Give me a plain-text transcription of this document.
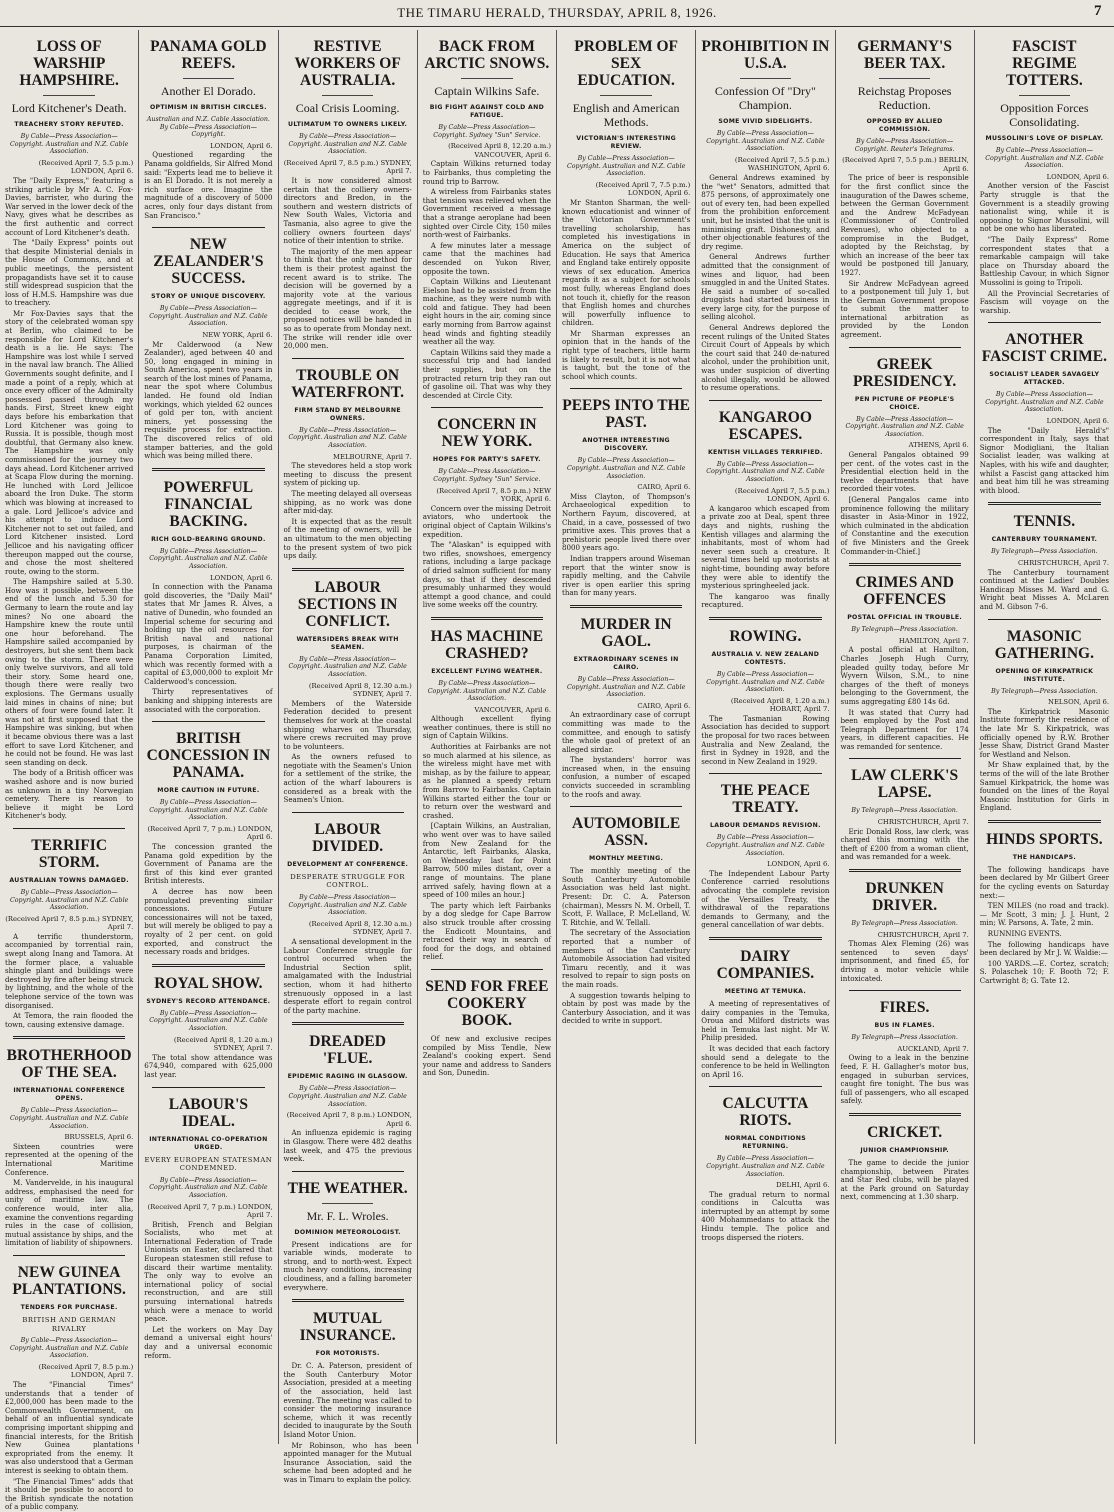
THE TIMARU HERALD, THURSDAY, APRIL 8, 1926.	7
LOSS OF WARSHIP HAMPSHIRE.
Lord Kitchener's Death.
TREACHERY STORY REFUTED.
By Cable—Press Association—Copyright. Australian and N.Z. Cable Association.
(Received April 7, 5.5 p.m.) LONDON, April 6.

The "Daily Express," featuring a striking article by Mr A. C. Fox-Davies, barrister, who during the War served in the lower deck of the Navy, gives what he describes as the first authentic and correct account of Lord Kitchener's death.

The "Daily Express" points out that despite Ministerial denials in the House of Commons, and at public meetings, the persistent propagandists have set it to cause still widespread suspicion that the loss of H.M.S. Hampshire was due to treachery.

Mr Fox-Davies says that the story of the celebrated woman spy at Berlin, who claimed to be responsible for Lord Kitchener's death is a lie. He says: The Hampshire was lost while I served in the naval law branch. The Allied Governments sought definite, and I made a point of a reply, which at once every officer of the Admiralty possessed passed through my hands. First, Street knew eight days before his embarkation that Lord Kitchener was going to Russia. It is possible, though most doubtful, that Germany also knew. The Hampshire was only commissioned for the journey two days ahead. Lord Kitchener arrived at Scapa Flow during the morning. He lunched with Lord Jellicoe aboard the Iron Duke. The storm which was blowing at increased to a gale. Lord Jellicoe's advice and his attempt to induce Lord Kitchener not to set out failed, and Lord Kitchener insisted. Lord Jellicoe and his navigating officer thereupon mapped out the course, and chose the most sheltered route, owing to the storm.

The Hampshire sailed at 5.30. How was it possible, between the end of the lunch and 5.30 for Germany to learn the route and lay mines? No one aboard the Hampshire knew the route until one hour beforehand. The Hampshire sailed accompanied by destroyers, but she sent them back owing to the storm. There were only twelve survivors, and all told their story. Some heard one, though there were really two explosions. The Germans usually laid mines in chains of nine; but others of four were found later. It was not at first supposed that the Hampshire was sinking, but when it became obvious there was a last effort to save Lord Kitchener, and he could not be found. He was last seen standing on deck.

The body of a British officer was washed ashore and is now buried as unknown in a tiny Norwegian cemetery. There is reason to believe it might be Lord Kitchener's body.

TERRIFIC STORM.
AUSTRALIAN TOWNS DAMAGED.
By Cable—Press Association—Copyright. Australian and N.Z. Cable Association.
(Received April 7, 8.5 p.m.) SYDNEY, April 7.

A terrific thunderstorm, accompanied by torrential rain, swept along Inang and Tamora. At the former place, a valuable shingle plant and buildings were destroyed by fire after being struck by lightning, and the whole of the telephone service of the town was disorganised.

At Temora, the rain flooded the town, causing extensive damage.

BROTHERHOOD OF THE SEA.
INTERNATIONAL CONFERENCE OPENS.
By Cable—Press Association—Copyright. Australian and N.Z. Cable Association.
BRUSSELS, April 6.

Sixteen countries were represented at the opening of the International Maritime Conference.

M. Vandervelde, in his inaugural address, emphasised the need for unity of maritime law. The conference would, inter alia, examine the conventions regarding rules in the case of collision, mutual assistance by ships, and the limitation of liability of shipowners.

NEW GUINEA PLANTATIONS.
TENDERS FOR PURCHASE.
BRITISH AND GERMAN RIVALRY
By Cable—Press Association—Copyright. Australian and N.Z. Cable Association.
(Received April 7, 8.5 p.m.) LONDON, April 7.

The "Financial Times" understands that a tender of £2,000,000 has been made to the Commonwealth Government, on behalf of an influential syndicate comprising important shipping and financial interests, for the British New Guinea plantations expropriated from the enemy. It was also understood that a German interest is seeking to obtain them.

"The Financial Times" adds that it should be possible to accord to the British syndicate the notation of a public company.

PANAMA GOLD REEFS.
Another El Dorado.
OPTIMISM IN BRITISH CIRCLES.
Australian and N.Z. Cable Association. By Cable—Press Association—Copyright.
LONDON, April 6.

Questioned regarding the Panama goldfields, Sir Alfred Mond said: "Experts lead me to believe it is an El Dorado. It is not merely a rich surface ore. Imagine the magnitude of a discovery of 5000 acres, only four days distant from San Francisco."

NEW ZEALANDER'S SUCCESS.
STORY OF UNIQUE DISCOVERY.
By Cable—Press Association—Copyright. Australian and N.Z. Cable Association.
NEW YORK, April 6.

Mr Calderwood (a New Zealander), aged between 40 and 50, long engaged in mining in South America, spent two years in search of the lost mines of Panama, near the spot where Columbus landed. He found old Indian workings, which yielded 62 ounces of gold per ton, with ancient miners, yet possessing the requisite process for extraction. The discovered relics of old stamper batteries, and the gold which was being milled there.

POWERFUL FINANCIAL BACKING.
RICH GOLD-BEARING GROUND.
By Cable—Press Association—Copyright. Australian and N.Z. Cable Association.
LONDON, April 6.

In connection with the Panama gold discoveries, the "Daily Mail" states that Mr James R. Alves, a native of Dunedin, who founded an Imperial scheme for securing and holding up the oil resources for British naval and national purposes, is chairman of the Panama Corporation Limited, which was recently formed with a capital of £3,000,000 to exploit Mr Calderwood's concession.

Thirty representatives of banking and shipping interests are associated with the corporation.

BRITISH CONCESSION IN PANAMA.
MORE CAUTION IN FUTURE.
By Cable—Press Association—Copyright. Australian and N.Z. Cable Association.
(Received April 7, 7 p.m.) LONDON, April 6.

The concession granted the Panama gold expedition by the Government of Panama are the first of this kind ever granted British interests.

A decree has now been promulgated preventing similar concessions. Future concessionaires will not be taxed, but will merely be obliged to pay a royalty of 2 per cent. on gold exported, and construct the necessary roads and bridges.

ROYAL SHOW.
SYDNEY'S RECORD ATTENDANCE.
By Cable—Press Association—Copyright. Australian and N.Z. Cable Association.
(Received April 8, 1.20 a.m.) SYDNEY, April 7.

The total show attendance was 674,940, compared with 625,000 last year.

LABOUR'S IDEAL.
INTERNATIONAL CO-OPERATION URGED.
EVERY EUROPEAN STATESMAN CONDEMNED.
By Cable—Press Association—Copyright. Australian and N.Z. Cable Association.
(Received April 7, 7 p.m.) LONDON, April 7.

British, French and Belgian Socialists, who met at International Federation of Trade Unionists on Easter, declared that European statesmen still refuse to discard their wartime mentality. The only way to evolve an international policy of social reconstruction, and are still pursuing international hatreds which were a menace to world peace.

Let the workers on May Day demand a universal eight hours' day and a universal economic reform.

RESTIVE WORKERS OF AUSTRALIA.
Coal Crisis Looming.
ULTIMATUM TO OWNERS LIKELY.
By Cable—Press Association—Copyright. Australian and N.Z. Cable Association.
(Received April 7, 8.5 p.m.) SYDNEY, April 7.

It is now considered almost certain that the colliery owners-directors and Bredon, in the southern and western districts of New South Wales, Victoria and Tasmania, also agree to give the colliery owners fourteen days' notice of their intention to strike.

The majority of the men appear to think that the only method for them is their protest against the recent award is to strike. The decision will be governed by a majority vote at the various aggregate meetings, and if it is decided to cease work, the proposed notices will be handed in so as to operate from Monday next. The strike will render idle over 20,000 men.

TROUBLE ON WATERFRONT.
FIRM STAND BY MELBOURNE OWNERS.
By Cable—Press Association—Copyright. Australian and N.Z. Cable Association.
MELBOURNE, April 7.

The stevedores held a stop work meeting to discuss the present system of picking up.

The meeting delayed all overseas shipping, as no work was done after mid-day.

It is expected that as the result of the meeting of owners, will be an ultimatum to the men objecting to the present system of two pick ups daily.

LABOUR SECTIONS IN CONFLICT.
WATERSIDERS BREAK WITH SEAMEN.
By Cable—Press Association—Copyright. Australian and N.Z. Cable Association.
(Received April 8, 12.30 a.m.) SYDNEY, April 7.

Members of the Waterside Federation decided to present themselves for work at the coastal shipping wharves on Thursday, where crews recruited may prove to be volunteers.

As the owners refused to negotiate with the Seamen's Union for a settlement of the strike, the action of the wharf labourers is considered as a break with the Seamen's Union.

LABOUR DIVIDED.
DEVELOPMENT AT CONFERENCE.
DESPERATE STRUGGLE FOR CONTROL.
By Cable—Press Association—Copyright. Australian and N.Z. Cable Association.
(Received April 8, 12.30 a.m.) SYDNEY, April 7.

A sensational development in the Labour Conference struggle for control occurred when the Industrial Section split, amalgamated with the Industrial section, whom it had hitherto strenuously opposed in a last desperate effort to regain control of the party machine.

DREADED 'FLUE.
EPIDEMIC RAGING IN GLASGOW.
By Cable—Press Association—Copyright. Australian and N.Z. Cable Association.
(Received April 7, 8 p.m.) LONDON, April 6.

An influenza epidemic is raging in Glasgow. There were 482 deaths last week, and 475 the previous week.

THE WEATHER.
Mr. F. L. Wroles.
DOMINION METEOROLOGIST.

Present indications are for variable winds, moderate to strong, and to north-west. Expect much heavy conditions, increasing cloudiness, and a falling barometer everywhere.

MUTUAL INSURANCE.
FOR MOTORISTS.

Dr. C. A. Paterson, president of the South Canterbury Motor Association, presided at a meeting of the association, held last evening. The meeting was called to consider the motoring insurance scheme, which it was recently decided to inaugurate by the South Island Motor Union.

Mr Robinson, who has been appointed manager for the Mutual Insurance Association, said the scheme had been adopted and he was in Timaru to explain the policy.

BACK FROM ARCTIC SNOWS.
Captain Wilkins Safe.
BIG FIGHT AGAINST COLD AND FATIGUE.
By Cable—Press Association—Copyright. Sydney "Sun" Service.
(Received April 8, 12.20 a.m.) VANCOUVER, April 6.

Captain Wilkins returned today to Fairbanks, thus completing the round trip to Barrow.

A wireless from Fairbanks states that tension was relieved when the Government received a message that a strange aeroplane had been sighted over Circle City, 150 miles north-west of Fairbanks.

A few minutes later a message came that the machines had descended on Yukon River, opposite the town.

Captain Wilkins and Lieutenant Eielson had to be assisted from the machine, as they were numb with cold and fatigue. They had been eight hours in the air, coming since early morning from Barrow against head winds and fighting steadily weather all the way.

Captain Wilkins said they made a successful trip and had landed their supplies, but on the protracted return trip they ran out of gasoline oil. That was why they descended at Circle City.

CONCERN IN NEW YORK.
HOPES FOR PARTY'S SAFETY.
By Cable—Press Association—Copyright. Sydney "Sun" Service.
(Received April 7, 8.5 p.m.) NEW YORK, April 6.

Concern over the missing Detroit aviators, who undertook the original object of Captain Wilkins's expedition.

The "Alaskan" is equipped with two rifles, snowshoes, emergency rations, including a large package of dried salmon sufficient for many days, so that if they descended presumably unharmed they would attempt a good chance, and could live some weeks off the country.

HAS MACHINE CRASHED?
EXCELLENT FLYING WEATHER.
By Cable—Press Association—Copyright. Australian and N.Z. Cable Association.
VANCOUVER, April 6.

Although excellent flying weather continues, there is still no sign of Captain Wilkins.

Authorities at Fairbanks are not so much alarmed at his silence, as the wireless might have met with mishap, as by the failure to appear, as he planned a speedy return from Barrow to Fairbanks. Captain Wilkins started either the tour or to return over the westward and crashed.

[Captain Wilkins, an Australian, who went over was to have sailed from New Zealand for the Antarctic, left Fairbanks, Alaska, on Wednesday last for Point Barrow, 500 miles distant, over a range of mountains. The plane arrived safely, having flown at a speed of 100 miles an hour.]

The party which left Fairbanks by a dog sledge for Cape Barrow also struck trouble after crossing the Endicott Mountains, and retraced their way in search of food for the dogs, and obtained relief.

SEND FOR FREE COOKERY BOOK.

Of new and exclusive recipes compiled by Miss Tendle, New Zealand's cooking expert. Send your name and address to Sanders and Son, Dunedin.

PROBLEM OF SEX EDUCATION.
English and American Methods.
VICTORIAN'S INTERESTING REVIEW.
By Cable—Press Association—Copyright. Australian and N.Z. Cable Association.
(Received April 7, 7.5 p.m.) LONDON, April 6.

Mr Stanton Sharman, the well-known educationist and winner of the Victorian Government's travelling scholarship, has completed his investigations in America on the subject of Education. He says that America and England take entirely opposite views of sex education. America regards it as a subject for schools most fully, whereas England does not touch it, chiefly for the reason that English homes and churches will powerfully influence to children.

Mr Sharman expresses an opinion that in the hands of the right type of teachers, little harm is likely to result, but it is not what is taught, but the tone of the school which counts.

PEEPS INTO THE PAST.
ANOTHER INTERESTING DISCOVERY.
By Cable—Press Association—Copyright. Australian and N.Z. Cable Association.
CAIRO, April 6.

Miss Clayton, of Thompson's Archaeological expedition to Northern Fayum, discovered, at Chaid, in a cave, possessed of two primitive axes. This proves that a prehistoric people lived there over 8000 years ago.

Indian trappers around Wiseman report that the winter snow is rapidly melting, and the Cahvile river is open earlier this spring than for many years.

MURDER IN GAOL.
EXTRAORDINARY SCENES IN CAIRO.
By Cable—Press Association—Copyright. Australian and N.Z. Cable Association.
CAIRO, April 6.

An extraordinary case of corrupt committing was made to the committee, and enough to satisfy the whole gaol of pretext of an alleged sirdar.

The bystanders' horror was increased when, in the ensuing confusion, a number of escaped convicts succeeded in scrambling to the roofs and away.

AUTOMOBILE ASSN.
MONTHLY MEETING.

The monthly meeting of the South Canterbury Automobile Association was held last night. Present: Dr. C. A. Paterson (chairman), Messrs N. M. Orbell, T. Scott, F. Wallace, P. McLelland, W. T. Ritchie, and W. Tellall.

The secretary of the Association reported that a number of members of the Canterbury Automobile Association had visited Timaru recently, and it was resolved to repair to sign posts on the main roads.

A suggestion towards helping to obtain by post was made by the Canterbury Association, and it was decided to write in support.

PROHIBITION IN U.S.A.
Confession Of "Dry" Champion.
SOME VIVID SIDELIGHTS.
By Cable—Press Association—Copyright. Australian and N.Z. Cable Association.
(Received April 7, 5.5 p.m.) WASHINGTON, April 6.

General Andrews examined by the "wet" Senators, admitted that 875 persons, of approximately one out of every ten, had been expelled from the prohibition enforcement unit, but he insisted that the unit is minimising graft. Dishonesty, and other objectionable features of the dry regime.

General Andrews further admitted that the consignment of wines and liquor, had been smuggled in and the United States. He said a number of so-called druggists had started business in every large city, for the purpose of selling alcohol.

General Andrews deplored the recent rulings of the United States Circuit Court of Appeals by which the court said that 240 de-natured alcohol, under the prohibition unit, was under suspicion of diverting alcohol illegally, would be allowed to resume operations.

KANGAROO ESCAPES.
KENTISH VILLAGES TERRIFIED.
By Cable—Press Association—Copyright. Australian and N.Z. Cable Association.
(Received April 7, 5.5 p.m.) LONDON, April 6.

A kangaroo which escaped from a private zoo at Deal, spent three days and nights, rushing the Kentish villages and alarming the inhabitants, most of whom had never seen such a creature. It several times held up motorists at night-time, bounding away before they were able to identify the mysterious springheeled jack.

The kangaroo was finally recaptured.

ROWING.
AUSTRALIA V. NEW ZEALAND CONTESTS.
By Cable—Press Association—Copyright. Australian and N.Z. Cable Association.
(Received April 8, 1.20 a.m.) HOBART, April 7.

The Tasmanian Rowing Association has decided to support the proposal for two races between Australia and New Zealand, the first in Sydney in 1928, and the second in New Zealand in 1929.

THE PEACE TREATY.
LABOUR DEMANDS REVISION.
By Cable—Press Association—Copyright. Australian and N.Z. Cable Association.
LONDON, April 6.

The Independent Labour Party Conference carried resolutions advocating the complete revision of the Versailles Treaty, the withdrawal of the reparations demands to Germany, and the general cancellation of war debts.

DAIRY COMPANIES.
MEETING AT TEMUKA.

A meeting of representatives of dairy companies in the Temuka, Oroua and Milford districts was held in Temuka last night. Mr W. Philip presided.

It was decided that each factory should send a delegate to the conference to be held in Wellington on April 16.

CALCUTTA RIOTS.
NORMAL CONDITIONS RETURNING.
By Cable—Press Association—Copyright. Australian and N.Z. Cable Association.
DELHI, April 6.

The gradual return to normal conditions in Calcutta was interrupted by an attempt by some 400 Mohammedans to attack the Hindu temple. The police and troops dispersed the rioters.

GERMANY'S BEER TAX.
Reichstag Proposes Reduction.
OPPOSED BY ALLIED COMMISSION.
By Cable—Press Association—Copyright. Reuter's Telegrams.
(Received April 7, 5.5 p.m.) BERLIN, April 6.

The price of beer is responsible for the first conflict since the inauguration of the Dawes scheme, between the German Government and the Andrew McFadyean (Commissioner of Controlled Revenues), who objected to a compromise in the Budget, adopted by the Reichstag, by which an increase of the beer tax would be postponed till January, 1927.

Sir Andrew McFadyean agreed to a postponement till July 1, but the German Government propose to submit the matter to international arbitration as provided by the London agreement.

GREEK PRESIDENCY.
PEN PICTURE OF PEOPLE'S CHOICE.
By Cable—Press Association—Copyright. Australian and N.Z. Cable Association.
ATHENS, April 6.

General Pangalos obtained 99 per cent. of the votes cast in the Presidential election held in the twelve departments that have recorded their votes.

[General Pangalos came into prominence following the military disaster in Asia-Minor in 1922, which culminated in the abdication of Constantine and the execution of five Ministers and the Greek Commander-in-Chief.]

CRIMES AND OFFENCES
POSTAL OFFICIAL IN TROUBLE.
By Telegraph—Press Association.
HAMILTON, April 7.

A postal official at Hamilton, Charles Joseph Hugh Curry, pleaded guilty today, before Mr Wyvern Wilson, S.M., to nine charges of the theft of moneys belonging to the Government, the sums aggregating £80 14s 6d.

It was stated that Curry had been employed by the Post and Telegraph Department for 174 years, in different capacities. He was remanded for sentence.

LAW CLERK'S LAPSE.
By Telegraph—Press Association.
CHRISTCHURCH, April 7.

Eric Donald Ross, law clerk, was charged this morning with the theft of £200 from a woman client, and was remanded for a week.

DRUNKEN DRIVER.
By Telegraph—Press Association.
CHRISTCHURCH, April 7.

Thomas Alex Fleming (26) was sentenced to seven days' imprisonment, and fined £5, for driving a motor vehicle while intoxicated.

FIRES.
BUS IN FLAMES.
By Telegraph—Press Association.
AUCKLAND, April 7.

Owing to a leak in the benzine feed, F. H. Gallagher's motor bus, engaged in suburban services, caught fire tonight. The bus was full of passengers, who all escaped safely.

CRICKET.
JUNIOR CHAMPIONSHIP.

The game to decide the junior championship, between Pirates and Star Red clubs, will be played at the Park ground on Saturday next, commencing at 1.30 sharp.

FASCIST REGIME TOTTERS.
Opposition Forces Consolidating.
MUSSOLINI'S LOVE OF DISPLAY.
By Cable—Press Association—Copyright. Australian and N.Z. Cable Association.
LONDON, April 6.

Another version of the Fascist Party struggle is that the Government is a steadily growing nationalist wing, while it is opposing to Signor Mussolini, will not be one who has liberated.

"The Daily Express" Rome correspondent states that a remarkable campaign will take place on Thursday aboard the Battleship Cavour, in which Signor Mussolini is going to Tripoli.

All the Provincial Secretaries of Fascism will voyage on the warship.

ANOTHER FASCIST CRIME.
SOCIALIST LEADER SAVAGELY ATTACKED.
By Cable—Press Association—Copyright. Australian and N.Z. Cable Association.
LONDON, April 6.

The "Daily Herald's" correspondent in Italy, says that Signor Modigliani, the Italian Socialist leader, was walking at Naples, with his wife and daughter, whilst a Fascist gang attacked him and beat him till he was streaming with blood.

TENNIS.
CANTERBURY TOURNAMENT.
By Telegraph—Press Association.
CHRISTCHURCH, April 7.

The Canterbury tournament continued at the Ladies' Doubles Handicap Misses M. Ward and G. Wright beat Misses A. McLaren and M. Gibson 7-6.

MASONIC GATHERING.
OPENING OF KIRKPATRICK INSTITUTE.
By Telegraph—Press Association.
NELSON, April 6.

The Kirkpatrick Masonic Institute formerly the residence of the late Mr S. Kirkpatrick, was officially opened by R.W. Brother Jesse Shaw, District Grand Master for Westland and Nelson.

Mr Shaw explained that, by the terms of the will of the late Brother Samuel Kirkpatrick, the home was founded on the lines of the Royal Masonic Institution for Girls in England.

HINDS SPORTS.
THE HANDICAPS.

The following handicaps have been declared by Mr Gilbert Greer for the cycling events on Saturday next:—

TEN MILES (no road and track).— Mr Scott, 3 min; J. J. Hunt, 2 min; W. Parsons, A. Tate, 2 min.

RUNNING EVENTS.

The following handicaps have been declared by Mr J. W. Waldie:—

100 YARDS.—E. Cortez, scratch; S. Polaschek 10; F. Booth 72; F. Cartwright 8; G. Tate 12.
